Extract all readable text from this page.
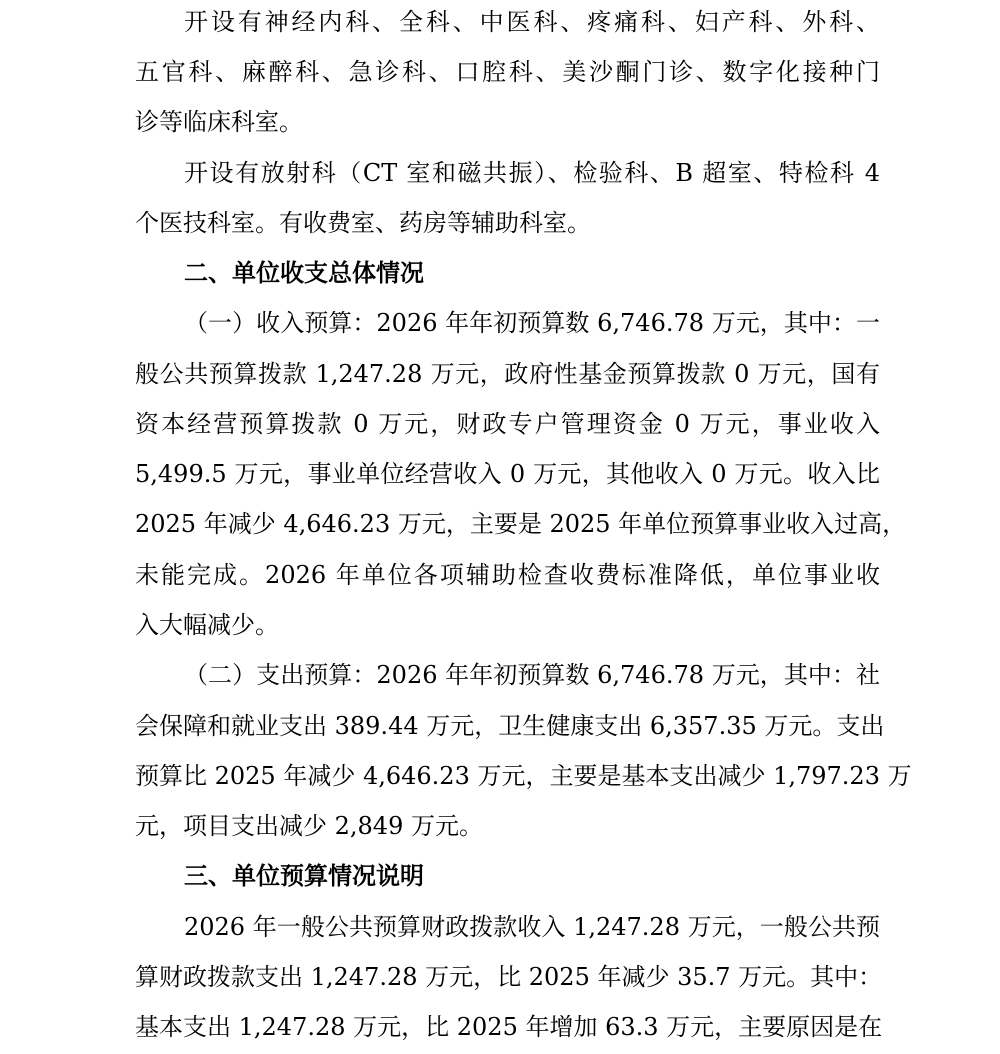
开设有神经内科、全科、中医科、疼痛科、妇产科、外科、
五官科、麻醉科、急诊科、口腔科、美沙酮门诊、数字化接种门
诊等临床科室。
开设有放射科（CT 室和磁共振）、检验科、B 超室、特检科 4
个医技科室。有收费室、药房等辅助科室。
二、单位收支总体情况
（一）收入预算：2026 年年初预算数 6,746.78 万元，其中：一
般公共预算拨款 1,247.28 万元，政府性基金预算拨款 0 万元，国有
资本经营预算拨款 0 万元，财政专户管理资金 0 万元，事业收入
5,499.5 万元，事业单位经营收入 0 万元，其他收入 0 万元。收入比
2025 年减少 4,646.23 万元，主要是 2025 年单位预算事业收入过高，
未能完成。2026 年单位各项辅助检查收费标准降低，单位事业收
入大幅减少。
（二）支出预算：2026 年年初预算数 6,746.78 万元，其中：社
会保障和就业支出 389.44 万元，卫生健康支出 6,357.35 万元。支出
预算比 2025 年减少 4,646.23 万元，主要是基本支出减少 1,797.23 万
元，项目支出减少 2,849 万元。
三、单位预算情况说明
2026 年一般公共预算财政拨款收入 1,247.28 万元，一般公共预
算财政拨款支出 1,247.28 万元，比 2025 年减少 35.7 万元。其中：
基本支出 1,247.28 万元，比 2025 年增加 63.3 万元，主要原因是在
